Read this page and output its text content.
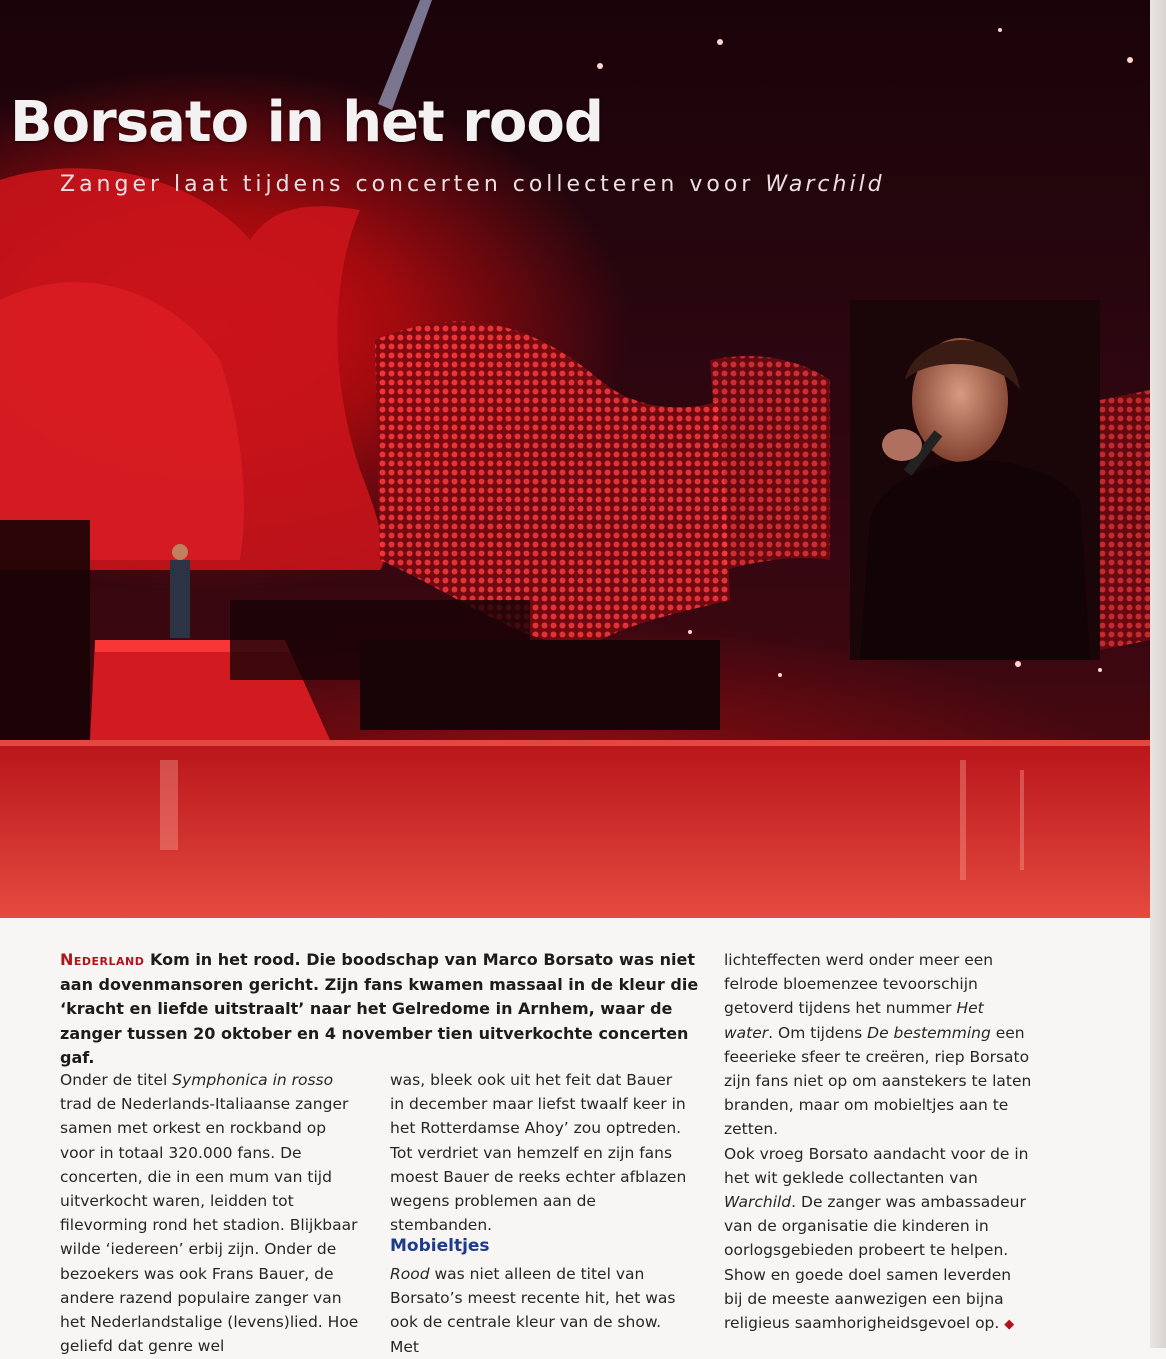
Borsato in het rood

Zanger laat tijdens concerten collecteren voor Warchild

Nederland Kom in het rood. Die boodschap van Marco Borsato was niet aan dovenmansoren gericht. Zijn fans kwamen massaal in de kleur die ‘kracht en liefde uitstraalt’ naar het Gelredome in Arnhem, waar de zanger tussen 20 oktober en 4 november tien uitverkochte concerten gaf.

Onder de titel Symphonica in rosso trad de Nederlands-Italiaanse zanger samen met orkest en rockband op voor in totaal 320.000 fans. De concerten, die in een mum van tijd uitverkocht waren, leidden tot filevorming rond het stadion. Blijkbaar wilde ‘iedereen’ erbij zijn. Onder de bezoekers was ook Frans Bauer, de andere razend populaire zanger van het Nederlandstalige (levens)lied. Hoe geliefd dat genre wel

was, bleek ook uit het feit dat Bauer in december maar liefst twaalf keer in het Rotterdamse Ahoy’ zou optreden. Tot verdriet van hemzelf en zijn fans moest Bauer de reeks echter afblazen wegens problemen aan de stembanden.

Mobieltjes

Rood was niet alleen de titel van Borsato’s meest recente hit, het was ook de centrale kleur van de show. Met

lichteffecten werd onder meer een felrode bloemenzee tevoorschijn getoverd tijdens het nummer Het water. Om tijdens De bestemming een feeerieke sfeer te creëren, riep Borsato zijn fans niet op om aanstekers te laten branden, maar om mobieltjes aan te zetten.

Ook vroeg Borsato aandacht voor de in het wit geklede collectanten van Warchild. De zanger was ambassadeur van de organisatie die kinderen in oorlogsgebieden probeert te helpen. Show en goede doel samen leverden bij de meeste aanwezigen een bijna religieus saamhorigheidsgevoel op. ◆
